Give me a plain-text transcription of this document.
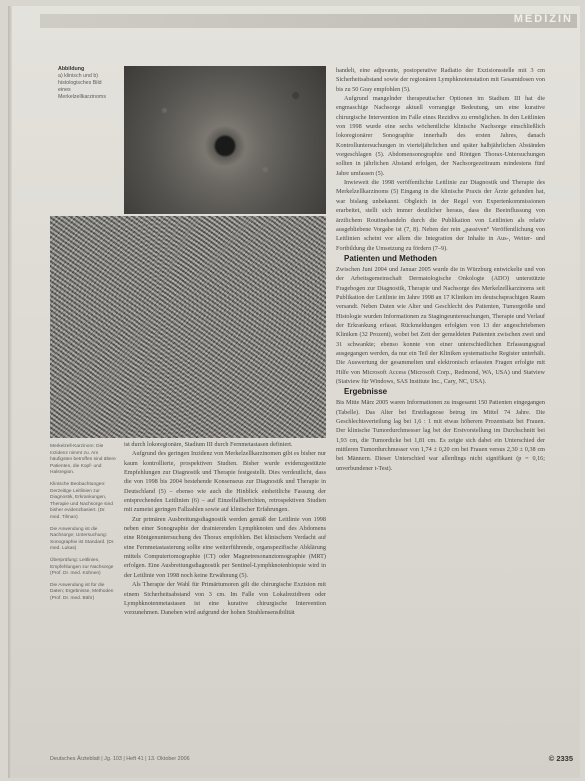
MEDIZIN
Abbildung
a) klinisch und b) histologisches Bild eines Merkelzellkarzinoms

Merkelzell-Karzinom: Die Inzidenz nimmt zu. Am häufigsten betroffen sind ältere Patienten, die Kopf- und Halsregion.

Klinische Beobachtungen: Derzeitige Leitlinien zur Diagnostik, Erkrankungen, Therapie und Nachsorge sind bisher evidenzbasiert. (Dr. med. Tilman)

Die Anwendung ist die Nachsorge; Untersuchung: Sonographie ist Standard. (Dr. med. Lukas)

Überprüfung: Leitlinien, Empfehlungen zur Nachsorge (Prof. Dr. med. Kühnen)

Die Anwendung ist für die Daten; Ergebnisse, Methoden (Prof. Dr. med. Bähr)

ist durch lokoregionäre, Stadium III durch Fernmetastasen definiert.

Aufgrund des geringen Inzidenz von Merkelzellkarzinomen gibt es bisher nur kaum kontrollierte, prospektiven Studien. Bisher wurde evidenzgestützte Empfehlungen zur Diagnostik und Therapie festgestellt. Dies verdeutlicht, dass die von 1998 bis 2004 bestehende Konsenseus zur Diagnostik und Therapie in Deutschland (5) – ebenso wie auch die Hinblick einheitliche Fassung der entsprechenden Leitlinien (6) – auf Einzelfallberichten, retrospektiven Studien mit zumeist geringen Fallzahlen sowie auf klinischer Erfahrungen.

Zur primären Ausbreitungsdiagnostik werden gemäß der Leitlinie von 1998 neben einer Sonographie der drainierenden Lymphknoten und des Abdomens eine Röntgenuntersuchung des Thorax empfohlen. Bei klinischem Verdacht auf eine Fernmetastasierung sollte eine weiterführende, organspezifische Abklärung mittels Computertomographie (CT) oder Magnetresonanztomographie (MRT) erfolgen. Eine Ausbreitungsdiagnostik per Sentinel-Lymphknotenbiopsie wird in der Leitlinie von 1998 noch keine Erwähnung (5).

Als Therapie der Wahl für Primärtumoren gilt die chirurgische Exzision mit einem Sicherheitsabstand von 3 cm. Im Falle von Lokalrezidiven oder Lymphknotenmetastasen ist eine kurative chirurgische Intervention vorzunehmen. Daneben wird aufgrund der hohen Strahlensensibilität

handelt, eine adjuvante, postoperative Radiatio der Exzisionsstelle mit 3 cm Sicherheitsabstand sowie der regionären Lymphknotenstation mit Gesamtdosen von bis zu 50 Gray empfohlen (5).

Aufgrund mangelnder therapeutischer Optionen im Stadium III hat die engmaschige Nachsorge aktuell vorrangige Bedeutung, um eine kurative chirurgische Intervention im Falle eines Rezidivs zu ermöglichen. In den Leitlinien von 1998 wurde eine sechs wöchentliche klinische Nachsorge einschließlich lokoregionärer Sonographie innerhalb des ersten Jahres, danach Kontrolluntersuchungen in vierteljährlichen und später halbjährlichen Abständen vorgeschlagen (5). Abdomensonographie und Röntgen Thorax-Untersuchungen sollten in jährlichen Abstand erfolgen, der Nachsorgezeitraum mindestens fünf Jahre umfassen (5).

Inwieweit die 1998 veröffentlichte Leitlinie zur Diagnostik und Therapie des Merkelzellkarzinoms (5) Eingang in die klinische Praxis der Ärzte gefunden hat, war bislang unbekannt. Obgleich in der Regel von Expertenkommissionen erarbeitet, stellt sich immer deutlicher heraus, dass die Beeinflussung von ärztlichem Routinehandeln durch die Publikation von Leitlinien als relativ ausgebliebene Vorgabe ist (7, 8). Neben der rein „passiven“ Veröffentlichung von Leitlinien scheint vor allem die Integration der Inhalte in Aus-, Weiter- und Fortbildung die Umsetzung zu fördern (7–9).

Patienten und Methoden

Zwischen Juni 2004 und Januar 2005 wurde die in Würzburg entwickelte und von der Arbeitsgemeinschaft Dermatologische Onkologie (ADO) unterstützte Fragebogen zur Diagnostik, Therapie und Nachsorge des Merkelzellkarzinoms seit Publikation der Leitlinie im Jahre 1998 an 17 Kliniken im deutschsprachigen Raum versandt. Neben Daten wie Alter und Geschlecht des Patienten, Tumorgröße und Histologie wurden Informationen zu Stagingeuntersuchungen, Therapie und Verlauf der Erkrankung erfasst. Rückmeldungen erfolgten von 13 der angeschriebenen Kliniken (32 Prozent), wobei bei Zeit der gemeldeten Patienten zwischen zwei und 31 schwankte; ebenso konnte von einer unterschiedlichen Erfassungsgrad ausgegangen werden, da nur ein Teil der Kliniken systematische Register unterhält. Die Auswertung der gesammelten und elektronisch erfassten Fragen erfolgte mit Hilfe von Microsoft Access (Microsoft Corp., Redmond, WA, USA) und Statview (Statview für Windows, SAS Institute Inc., Cary, NC, USA).

Ergebnisse

Bis Mitte März 2005 waren Informationen zu insgesamt 150 Patienten eingegangen (Tabelle). Das Alter bei Erstdiagnose betrug im Mittel 74 Jahre. Die Geschlechtsverteilung lag bei 1,6 : 1 mit etwas höherem Prozentsatz bei Frauen. Der klinische Tumordurchmesser lag bei der Erstvorstellung im Durchschnitt bei 1,93 cm, die Tumordicke bei 1,81 cm. Es zeigte sich dabei ein Unterschied der mittleren Tumordurchmesser von 1,74 ± 0,20 cm bei Frauen versus 2,30 ± 0,38 cm bei Männern. Dieser Unterschied war allerdings nicht signifikant (p = 0,16; unverbundener t-Test).

Deutsches Ärzteblatt | Jg. 103 | Heft 41 | 13. Oktober 2006	© 2335
